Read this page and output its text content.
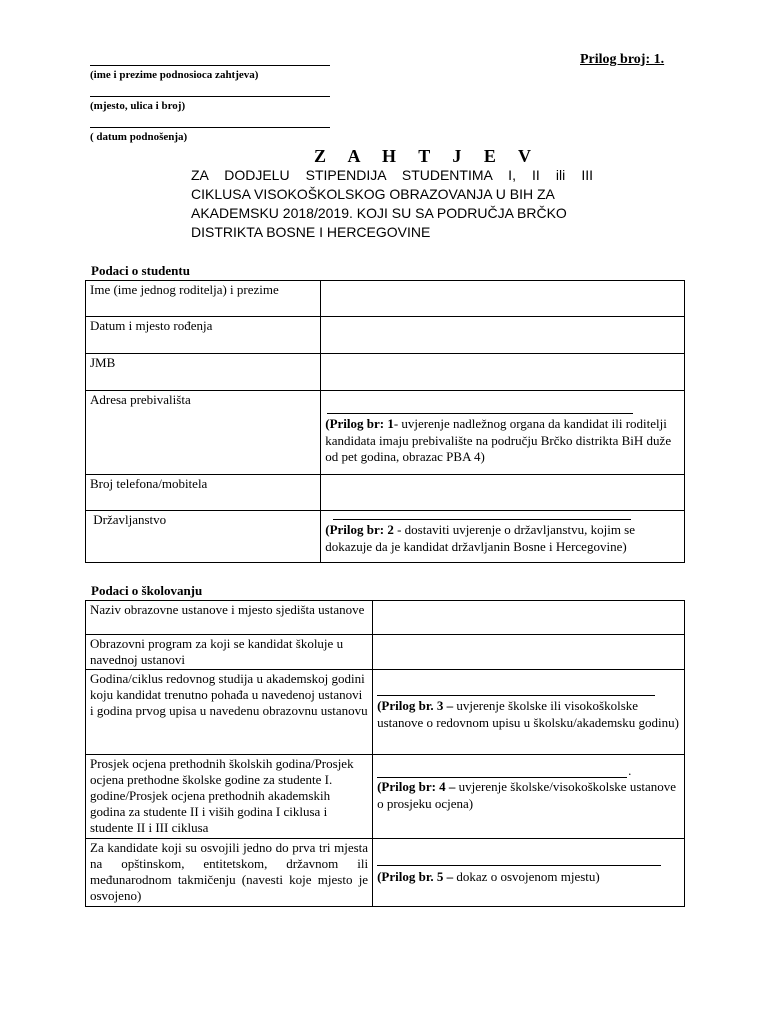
(ime i prezime podnosioca zahtjeva)
(mjesto, ulica i broj)
( datum podnošenja)
Prilog broj: 1.
Z A H T J E V
ZA DODJELU STIPENDIJA STUDENTIMA I, II ili III
CIKLUSA VISOKOŠKOLSKOG OBRAZOVANJA U BIH ZA
AKADEMSKU 2018/2019. KOJI SU SA PODRUČJA BRČKO
DISTRIKTA BOSNE I HERCEGOVINE
Podaci o studentu
Ime (ime jednog roditelja) i prezime	
Datum i mjesto rođenja	
JMB	
Adresa prebivališta	(Prilog br: 1- uvjerenje nadležnog organa da kandidat ili roditelji kandidata imaju prebivalište na području Brčko distrikta BiH duže od pet godina, obrazac PBA 4)

Broj telefona/mobitela	
Državljanstvo	(Prilog br: 2 - dostaviti uvjerenje o državljanstvu, kojim se dokazuje da je kandidat državljanin Bosne i Hercegovine)
Podaci o školovanju
Naziv obrazovne ustanove i mjesto sjedišta ustanove	
Obrazovni program za koji se kandidat školuje u navednoj ustanovi	
Godina/ciklus redovnog studija u akademskoj godini koju kandidat trenutno pohađa u navedenoj ustanovi i godina prvog upisa u navedenu obrazovnu ustanovu	(Prilog br. 3 – uvjerenje školske ili visokoškolske ustanove o redovnom upisu u školsku/akademsku godinu)

Prosjek ocjena prethodnih školskih godina/Prosjek ocjena prethodne školske godine za studente I. godine/Prosjek ocjena prethodnih akademskih godina za studente II i viših godina I ciklusa i studente II i III ciklusa	.
(Prilog br: 4 – uvjerenje školske/visokoškolske ustanove o prosjeku ocjena)

Za kandidate koji su osvojili jedno do prva tri mjesta na opštinskom, entitetskom, državnom ili međunarodnom takmičenju (navesti koje mjesto je osvojeno)	(Prilog br. 5 – dokaz o osvojenom mjestu)
